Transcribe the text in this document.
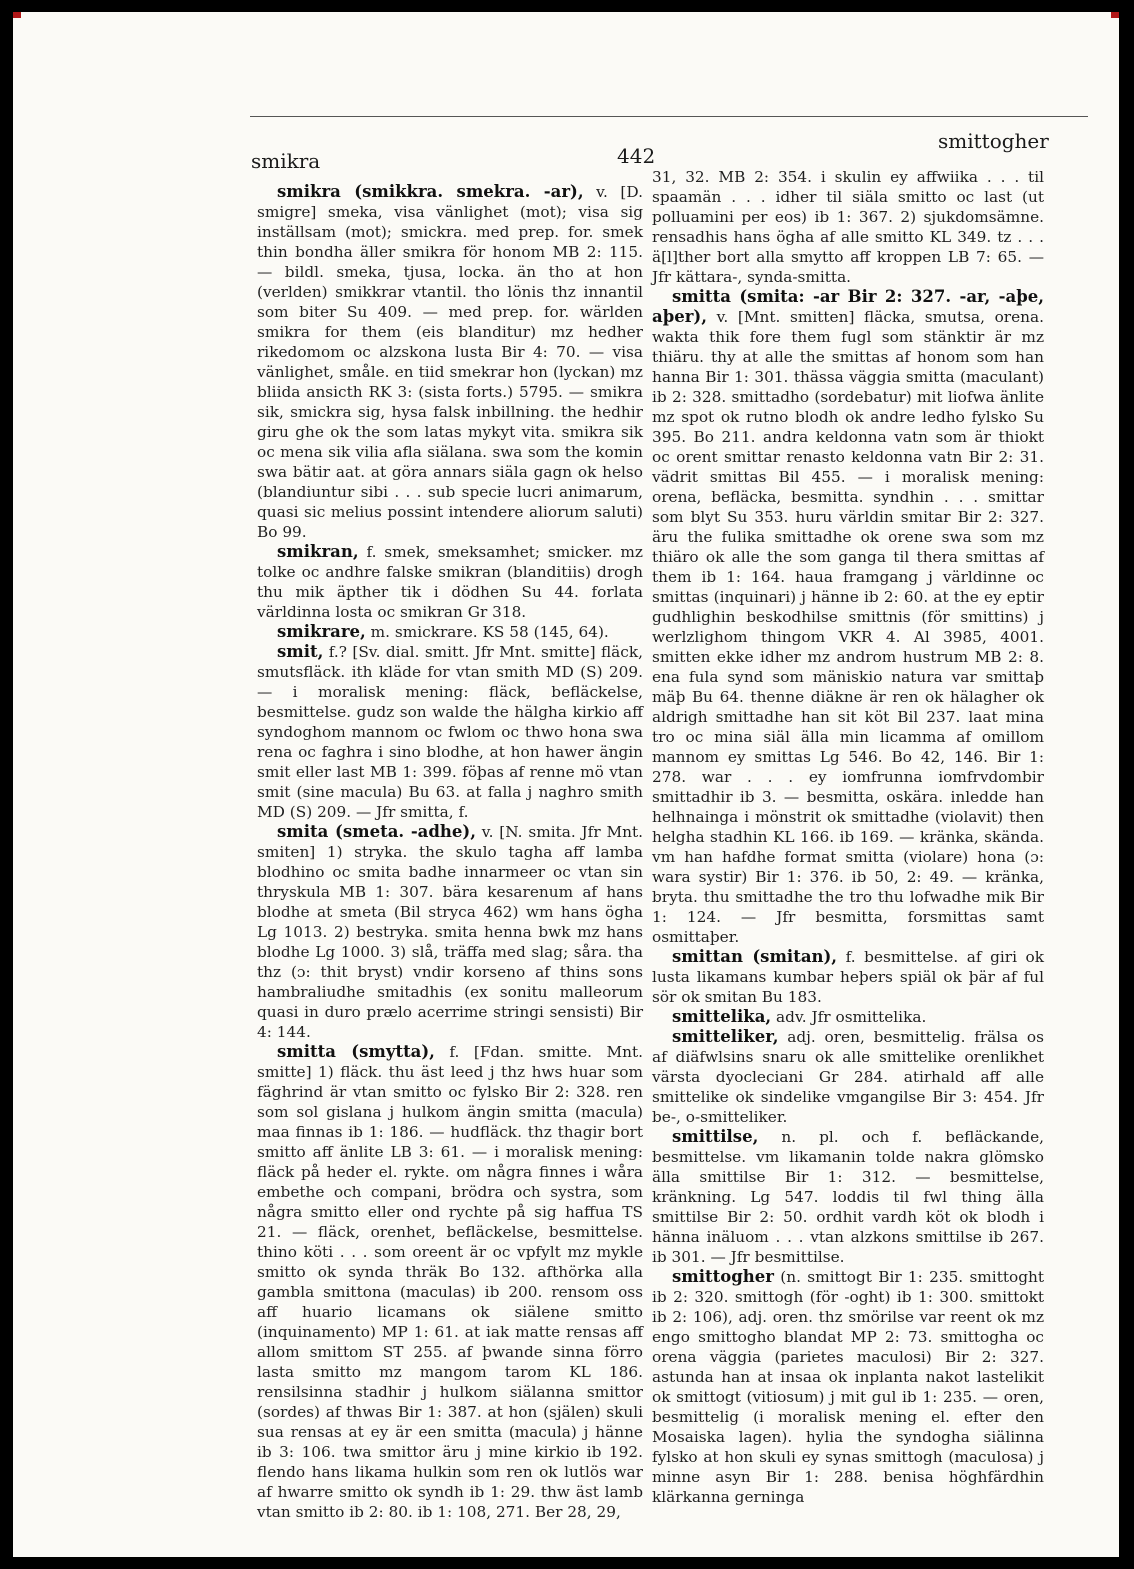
smikra	442
smittogher

smikra (smikkra. smekra. -ar), v. [D. smigre] smeka, visa vänlighet (mot); visa sig inställsam (mot); smickra. med prep. for. smek thin bondha äller smikra för honom MB 2: 115. — bildl. smeka, tjusa, locka. än tho at hon (verlden) smikkrar vtantil. tho lönis thz innantil som biter Su 409. — med prep. for. wärlden smikra for them (eis blanditur) mz hedher rikedomom oc alzskona lusta Bir 4: 70. — visa vänlighet, småle. en tiid smekrar hon (lyckan) mz bliida ansicth RK 3: (sista forts.) 5795. — smikra sik, smickra sig, hysa falsk inbillning. the hedhir giru ghe ok the som latas mykyt vita. smikra sik oc mena sik vilia afla siälana. swa som the komin swa bätir aat. at göra annars siäla gagn ok helso (blandiuntur sibi . . . sub specie lucri animarum, quasi sic melius possint intendere aliorum saluti) Bo 99.

smikran, f. smek, smeksamhet; smicker. mz tolke oc andhre falske smikran (blanditiis) drogh thu mik äpther tik i dödhen Su 44. forlata världinna losta oc smikran Gr 318.

smikrare, m. smickrare. KS 58 (145, 64).

smit, f.? [Sv. dial. smitt. Jfr Mnt. smitte] fläck, smutsfläck. ith kläde for vtan smith MD (S) 209. — i moralisk mening: fläck, befläckelse, besmittelse. gudz son walde the hälgha kirkio aff syndoghom mannom oc fwlom oc thwo hona swa rena oc faghra i sino blodhe, at hon hawer ängin smit eller last MB 1: 399. föþas af renne mö vtan smit (sine macula) Bu 63. at falla j naghro smith MD (S) 209. — Jfr smitta, f.

smita (smeta. -adhe), v. [N. smita. Jfr Mnt. smiten] 1) stryka. the skulo tagha aff lamba blodhino oc smita badhe innarmeer oc vtan sin thryskula MB 1: 307. bära kesarenum af hans blodhe at smeta (Bil stryca 462) wm hans ögha Lg 1013. 2) bestryka. smita henna bwk mz hans blodhe Lg 1000. 3) slå, träffa med slag; såra. tha thz (ɔ: thit bryst) vndir korseno af thins sons hambraliudhe smitadhis (ex sonitu malleorum quasi in duro prælo acerrime stringi sensisti) Bir 4: 144.

smitta (smytta), f. [Fdan. smitte. Mnt. smitte] 1) fläck. thu äst leed j thz hws huar som fäghrind är vtan smitto oc fylsko Bir 2: 328. ren som sol gislana j hulkom ängin smitta (macula) maa finnas ib 1: 186. — hudfläck. thz thagir bort smitto aff änlite LB 3: 61. — i moralisk mening: fläck på heder el. rykte. om några finnes i wåra embethe och compani, brödra och systra, som några smitto eller ond rychte på sig haffua TS 21. — fläck, orenhet, befläckelse, besmittelse. thino köti . . . som oreent är oc vpfylt mz mykle smitto ok synda thräk Bo 132. afthörka alla gambla smittona (maculas) ib 200. rensom oss aff huario licamans ok siälene smitto (inquinamento) MP 1: 61. at iak matte rensas aff allom smittom ST 255. af þwande sinna förro lasta smitto mz mangom tarom KL 186. rensilsinna stadhir j hulkom siälanna smittor (sordes) af thwas Bir 1: 387. at hon (själen) skuli sua rensas at ey är een smitta (macula) j hänne ib 3: 106. twa smittor äru j mine kirkio ib 192. flendo hans likama hulkin som ren ok lutlös war af hwarre smitto ok syndh ib 1: 29. thw äst lamb vtan smitto ib 2: 80. ib 1: 108, 271. Ber 28, 29,

31, 32. MB 2: 354. i skulin ey affwiika . . . til spaamän . . . idher til siäla smitto oc last (ut polluamini per eos) ib 1: 367. 2) sjukdomsämne. rensadhis hans ögha af alle smitto KL 349. tz . . . ä[l]ther bort alla smytto aff kroppen LB 7: 65. — Jfr kättara-, synda-smitta.

smitta (smita: -ar Bir 2: 327. -ar, -aþe, aþer), v. [Mnt. smitten] fläcka, smutsa, orena. wakta thik fore them fugl som stänktir är mz thiäru. thy at alle the smittas af honom som han hanna Bir 1: 301. thässa väggia smitta (maculant) ib 2: 328. smittadho (sordebatur) mit liofwa änlite mz spot ok rutno blodh ok andre ledho fylsko Su 395. Bo 211. andra keldonna vatn som är thiokt oc orent smittar renasto keldonna vatn Bir 2: 31. vädrit smittas Bil 455. — i moralisk mening: orena, befläcka, besmitta. syndhin . . . smittar som blyt Su 353. huru världin smitar Bir 2: 327. äru the fulika smittadhe ok orene swa som mz thiäro ok alle the som ganga til thera smittas af them ib 1: 164. haua framgang j världinne oc smittas (inquinari) j hänne ib 2: 60. at the ey eptir gudhlighin beskodhilse smittnis (för smittins) j werlzlighom thingom VKR 4. Al 3985, 4001. smitten ekke idher mz androm hustrum MB 2: 8. ena fula synd som mäniskio natura var smittaþ mäþ Bu 64. thenne diäkne är ren ok hälagher ok aldrigh smittadhe han sit köt Bil 237. laat mina tro oc mina siäl älla min licamma af omillom mannom ey smittas Lg 546. Bo 42, 146. Bir 1: 278. war . . . ey iomfrunna iomfrvdombir smittadhir ib 3. — besmitta, oskära. inledde han helhnainga i mönstrit ok smittadhe (violavit) then helgha stadhin KL 166. ib 169. — kränka, skända. vm han hafdhe format smitta (violare) hona (ɔ: wara systir) Bir 1: 376. ib 50, 2: 49. — kränka, bryta. thu smittadhe the tro thu lofwadhe mik Bir 1: 124. — Jfr besmitta, forsmittas samt osmittaþer.

smittan (smitan), f. besmittelse. af giri ok lusta likamans kumbar heþers spiäl ok þär af ful sör ok smitan Bu 183.

smittelika, adv. Jfr osmittelika.

smitteliker, adj. oren, besmittelig. frälsa os af diäfwlsins snaru ok alle smittelike orenlikhet värsta dyocleciani Gr 284. atirhald aff alle smittelike ok sindelike vmgangilse Bir 3: 454. Jfr be-, o-smitteliker.

smittilse, n. pl. och f. befläckande, besmittelse. vm likamanin tolde nakra glömsko älla smittilse Bir 1: 312. — besmittelse, kränkning. Lg 547. loddis til fwl thing älla smittilse Bir 2: 50. ordhit vardh köt ok blodh i hänna inäluom . . . vtan alzkons smittilse ib 267. ib 301. — Jfr besmittilse.

smittogher (n. smittogt Bir 1: 235. smittoght ib 2: 320. smittogh (för -oght) ib 1: 300. smittokt ib 2: 106), adj. oren. thz smörilse var reent ok mz engo smittogho blandat MP 2: 73. smittogha oc orena väggia (parietes maculosi) Bir 2: 327. astunda han at insaa ok inplanta nakot lastelikit ok smittogt (vitiosum) j mit gul ib 1: 235. — oren, besmittelig (i moralisk mening el. efter den Mosaiska lagen). hylia the syndogha siälinna fylsko at hon skuli ey synas smittogh (maculosa) j minne asyn Bir 1: 288. benisa höghfärdhin klärkanna gerninga
